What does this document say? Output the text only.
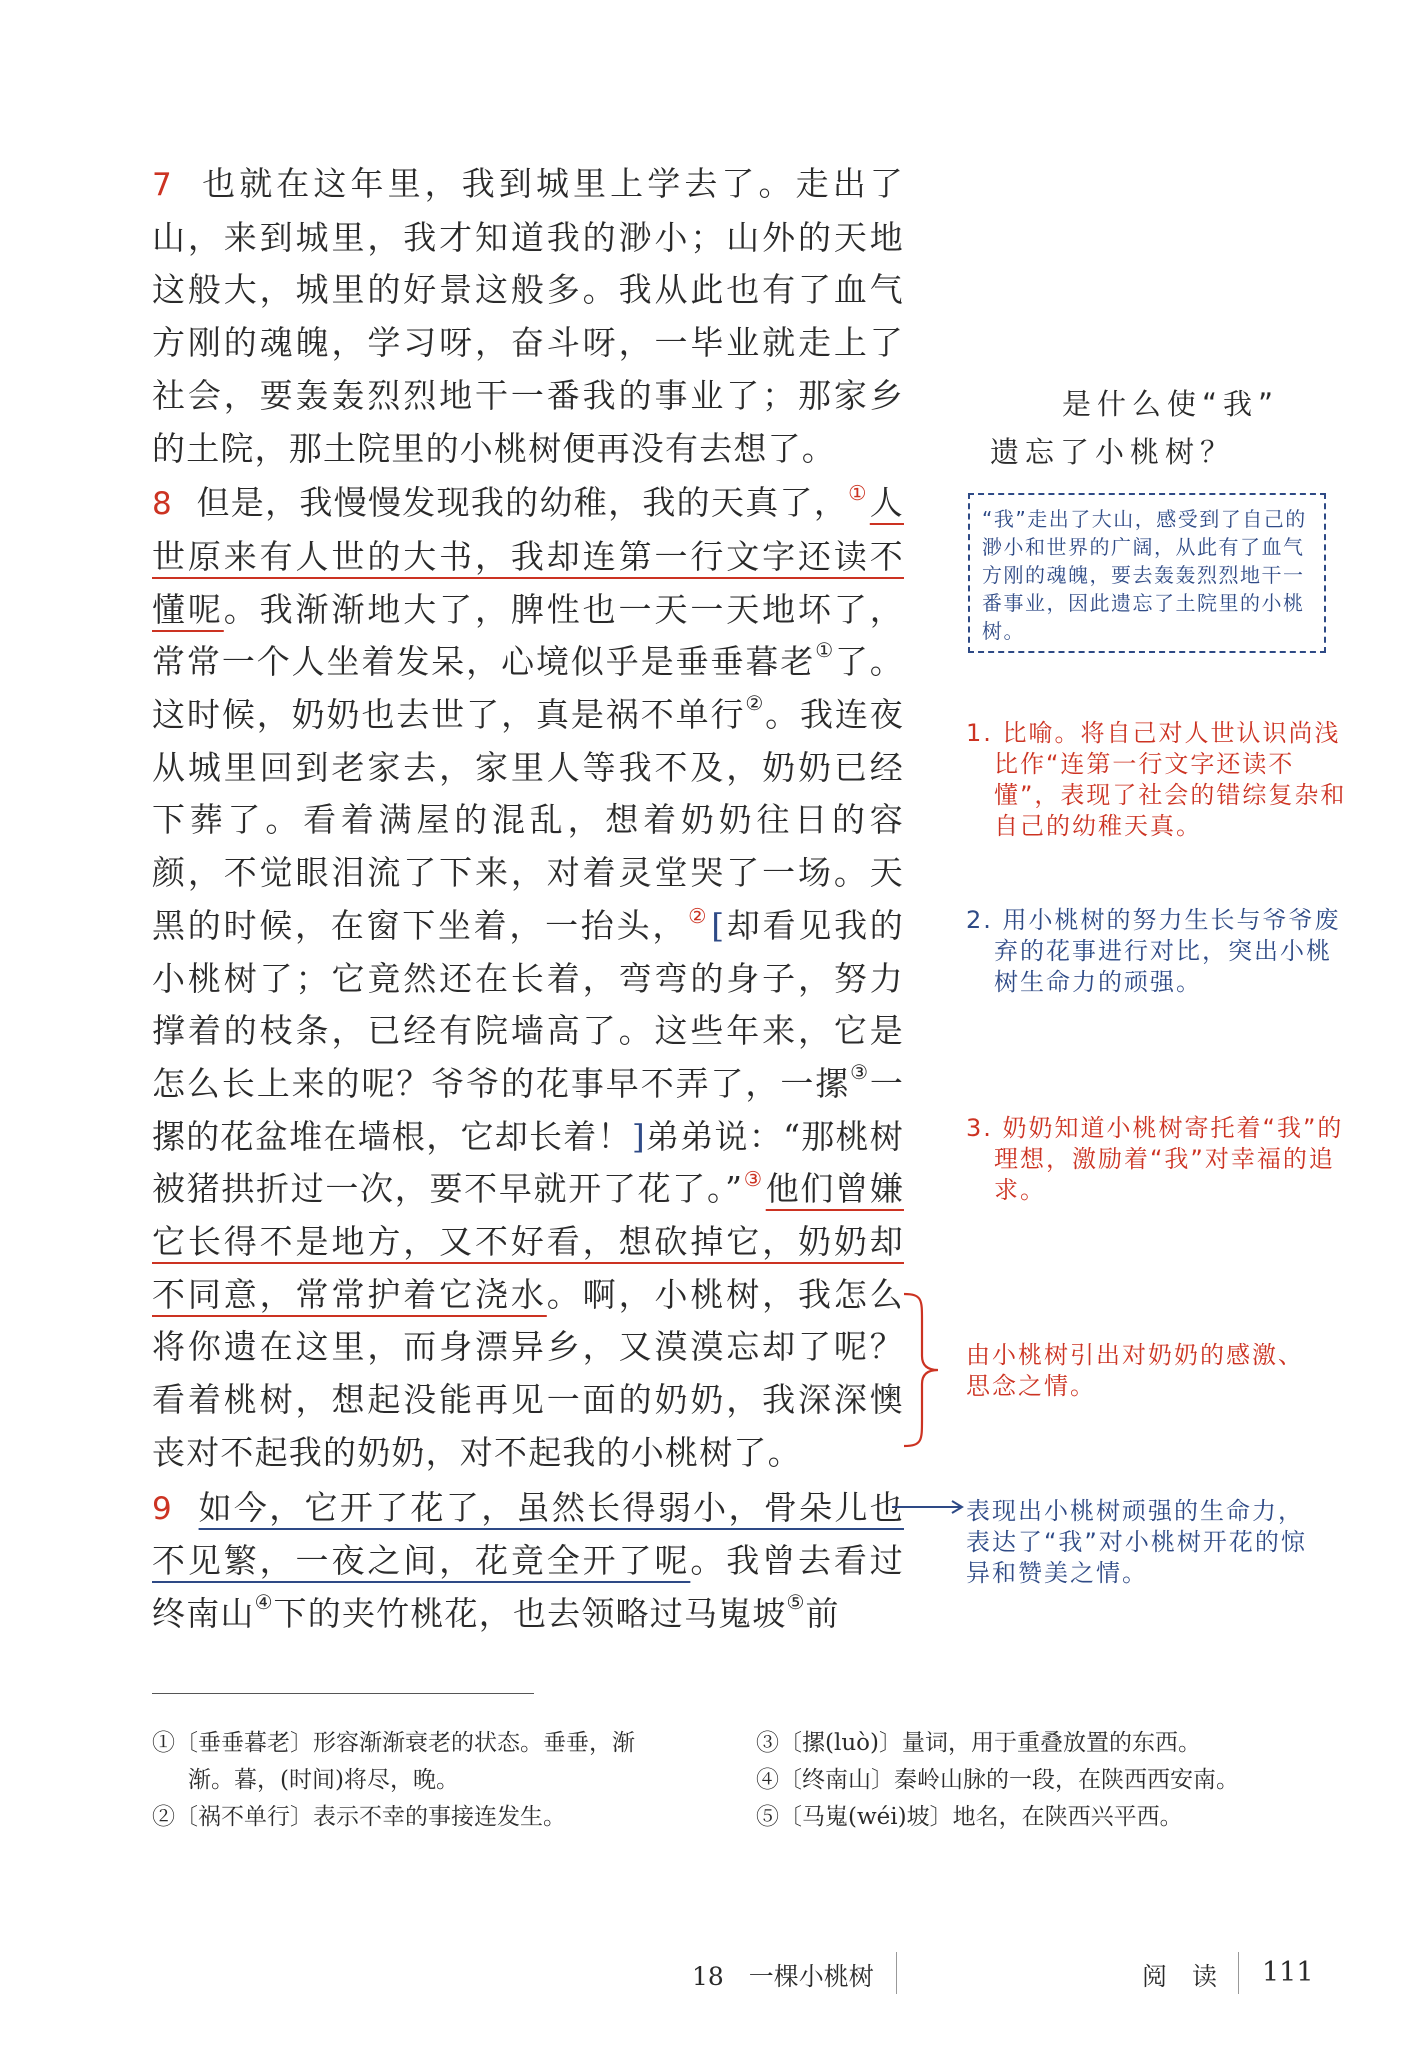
7 也就在这年里，我到城里上学去了。走出了山，来到城里，我才知道我的渺小；山外的天地这般大，城里的好景这般多。我从此也有了血气方刚的魂魄，学习呀，奋斗呀，一毕业就走上了社会，要轰轰烈烈地干一番我的事业了；那家乡的土院，那土院里的小桃树便再没有去想了。

8 但是，我慢慢发现我的幼稚，我的天真了，①人世原来有人世的大书，我却连第一行文字还读不懂呢。我渐渐地大了，脾性也一天一天地坏了，常常一个人坐着发呆，心境似乎是垂垂暮老①了。这时候，奶奶也去世了，真是祸不单行②。我连夜从城里回到老家去，家里人等我不及，奶奶已经下葬了。看着满屋的混乱，想着奶奶往日的容颜，不觉眼泪流了下来，对着灵堂哭了一场。天黑的时候，在窗下坐着，一抬头，②[却看见我的小桃树了；它竟然还在长着，弯弯的身子，努力撑着的枝条，已经有院墙高了。这些年来，它是怎么长上来的呢？爷爷的花事早不弄了，一摞③一摞的花盆堆在墙根，它却长着！]弟弟说：“那桃树被猪拱折过一次，要不早就开了花了。”③他们曾嫌它长得不是地方，又不好看，想砍掉它，奶奶却不同意，常常护着它浇水。啊，小桃树，我怎么将你遗在这里，而身漂异乡，又漠漠忘却了呢？看着桃树，想起没能再见一面的奶奶，我深深懊丧对不起我的奶奶，对不起我的小桃树了。

9 如今，它开了花了，虽然长得弱小，骨朵儿也不见繁，一夜之间，花竟全开了呢。我曾去看过终南山④下的夹竹桃花，也去领略过马嵬坡⑤前

是什么使“我”
遗忘了小桃树？
“我”走出了大山，感受到了自己的渺小和世界的广阔，从此有了血气方刚的魂魄，要去轰轰烈烈地干一番事业，因此遗忘了土院里的小桃树。
1. 比喻。将自己对人世认识尚浅比作“连第一行文字还读不懂”，表现了社会的错综复杂和自己的幼稚天真。
2. 用小桃树的努力生长与爷爷废弃的花事进行对比，突出小桃树生命力的顽强。
3. 奶奶知道小桃树寄托着“我”的理想，激励着“我”对幸福的追求。
由小桃树引出对奶奶的感激、思念之情。
表现出小桃树顽强的生命力，表达了“我”对小桃树开花的惊异和赞美之情。
①〔垂垂暮老〕形容渐渐衰老的状态。垂垂，渐
渐。暮，(时间)将尽，晚。
②〔祸不单行〕表示不幸的事接连发生。
③〔摞(luò)〕量词，用于重叠放置的东西。
④〔终南山〕秦岭山脉的一段，在陕西西安南。
⑤〔马嵬(wéi)坡〕地名，在陕西兴平西。
18　一棵小桃树	阅　读 111
